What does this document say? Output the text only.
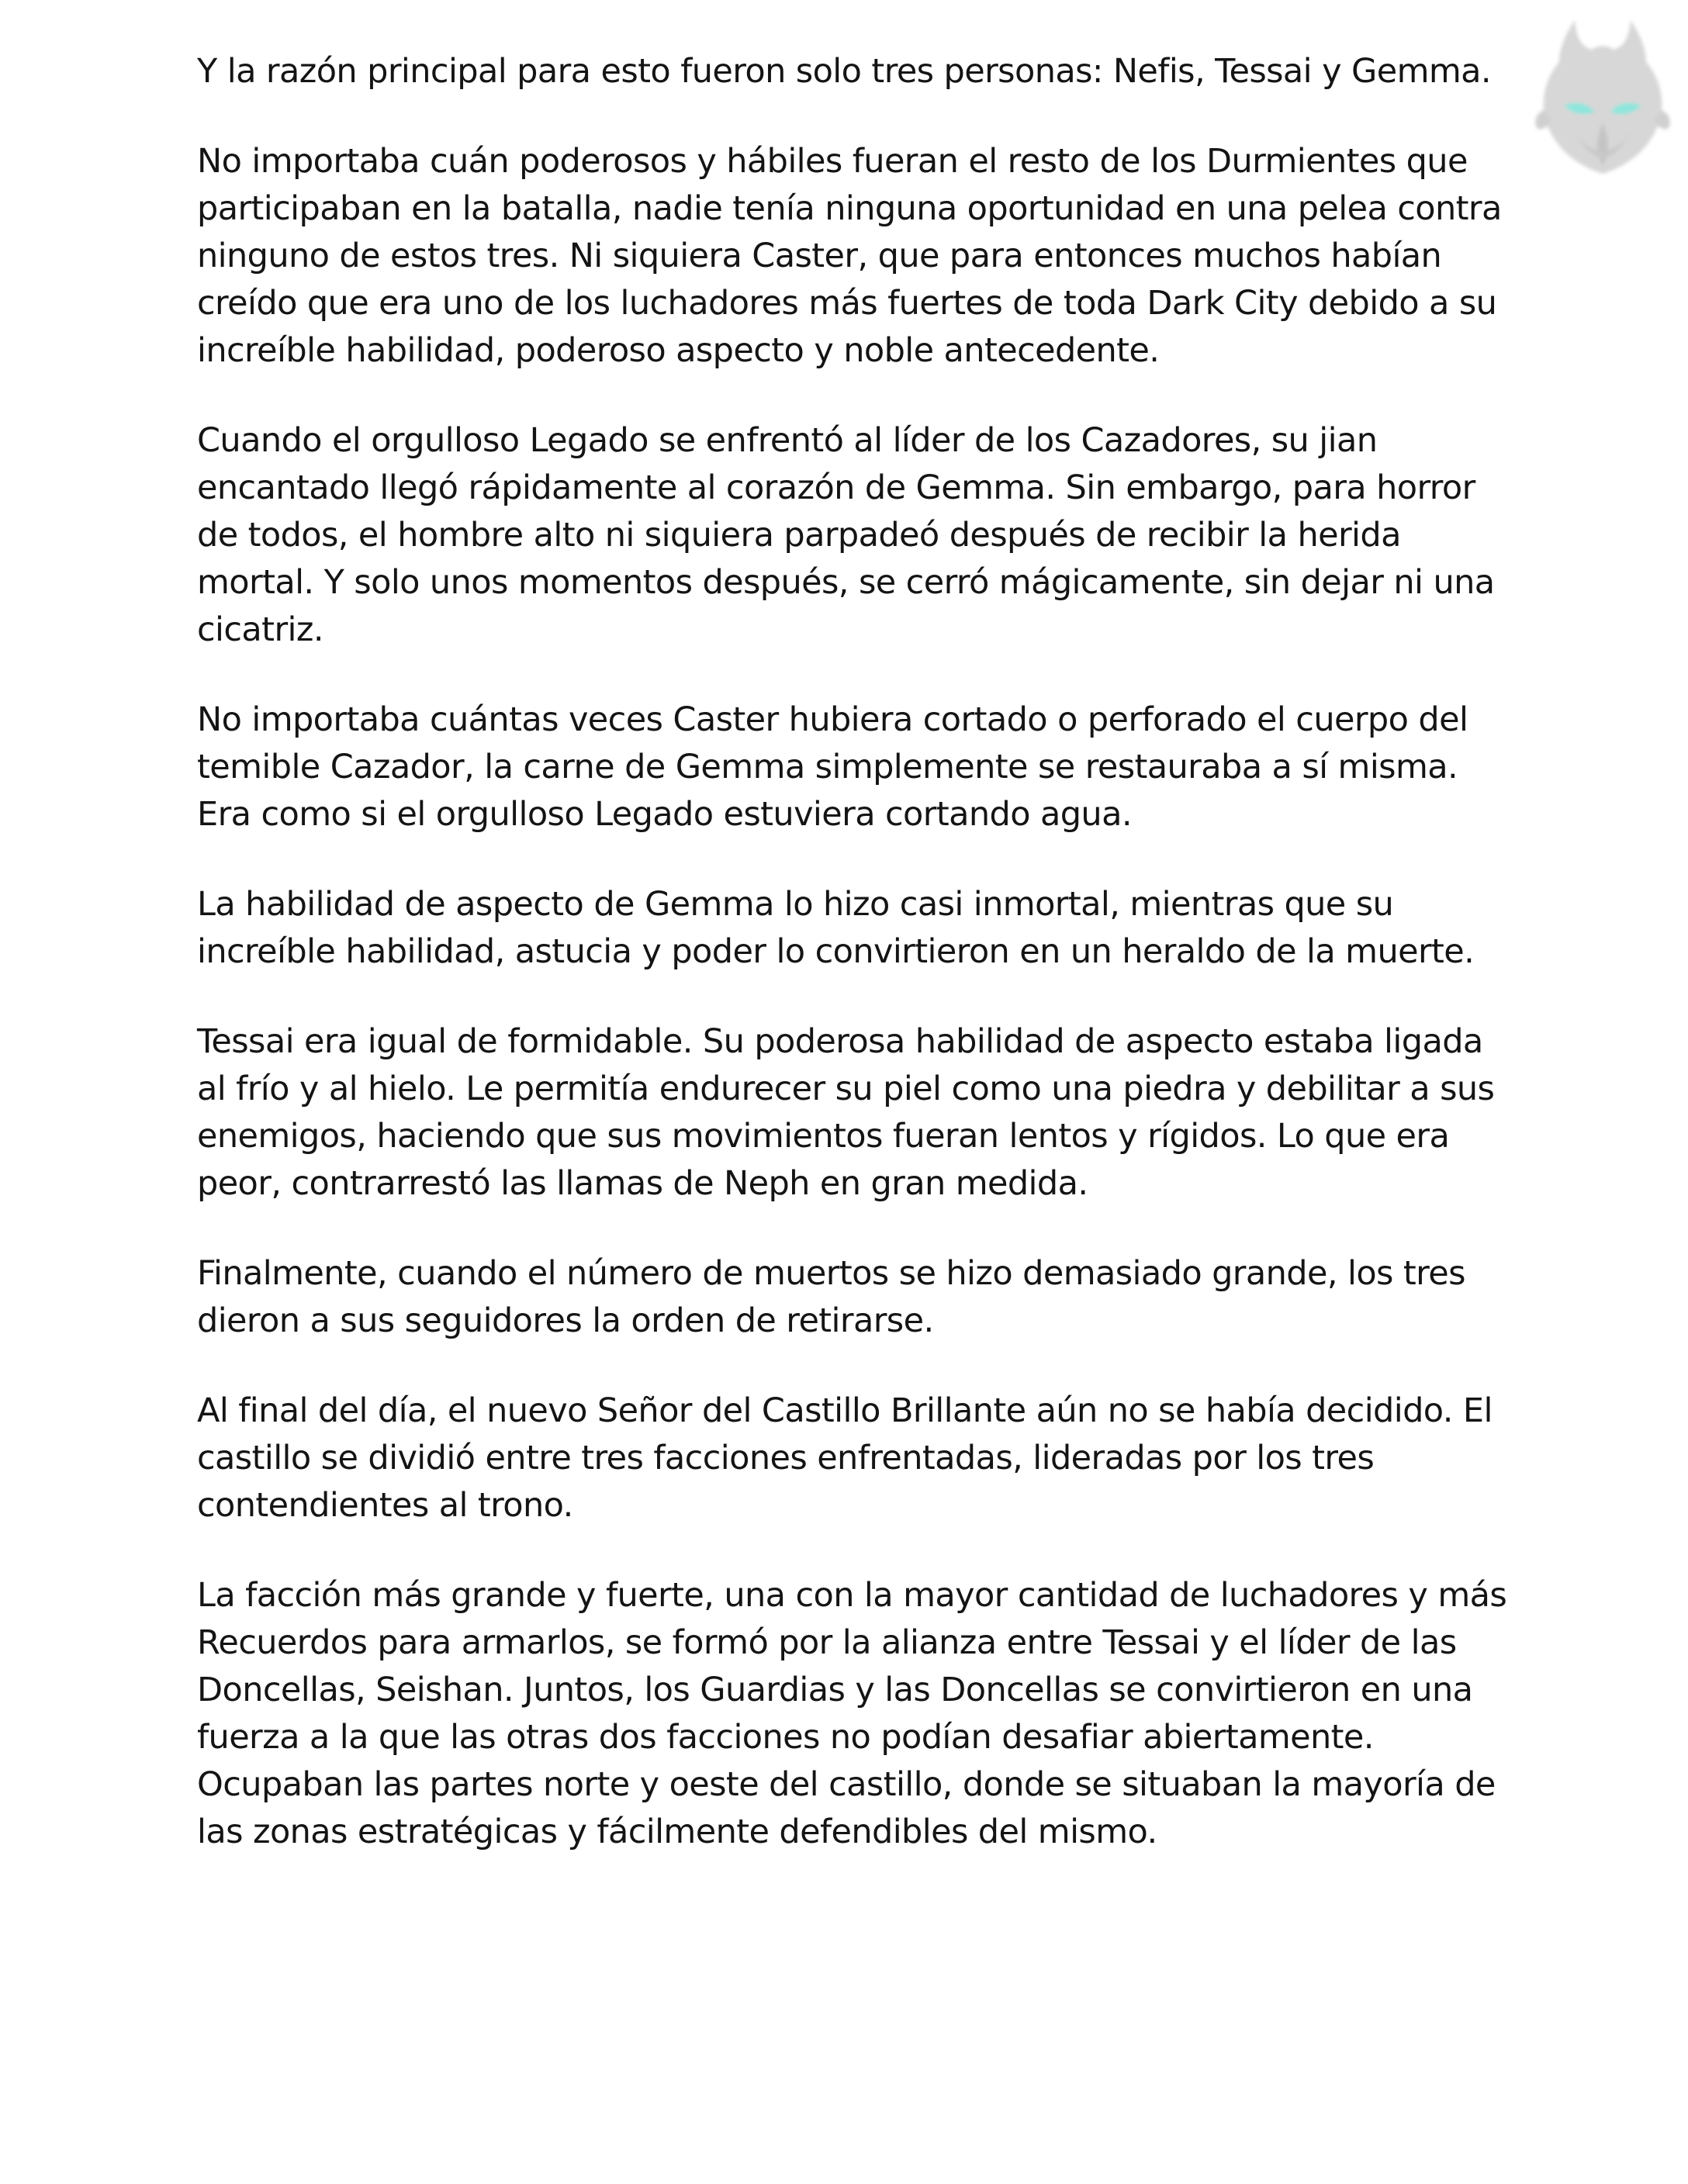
Y la razón principal para esto fueron solo tres personas: Nefis, Tessai y Gemma.

No importaba cuán poderosos y hábiles fueran el resto de los Durmientes que participaban en la batalla, nadie tenía ninguna oportunidad en una pelea contra ninguno de estos tres. Ni siquiera Caster, que para entonces muchos habían creído que era uno de los luchadores más fuertes de toda Dark City debido a su increíble habilidad, poderoso aspecto y noble antecedente.

Cuando el orgulloso Legado se enfrentó al líder de los Cazadores, su jian encantado llegó rápidamente al corazón de Gemma. Sin embargo, para horror de todos, el hombre alto ni siquiera parpadeó después de recibir la herida mortal. Y solo unos momentos después, se cerró mágicamente, sin dejar ni una cicatriz.

No importaba cuántas veces Caster hubiera cortado o perforado el cuerpo del temible Cazador, la carne de Gemma simplemente se restauraba a sí misma. Era como si el orgulloso Legado estuviera cortando agua.

La habilidad de aspecto de Gemma lo hizo casi inmortal, mientras que su increíble habilidad, astucia y poder lo convirtieron en un heraldo de la muerte.

Tessai era igual de formidable. Su poderosa habilidad de aspecto estaba ligada al frío y al hielo. Le permitía endurecer su piel como una piedra y debilitar a sus enemigos, haciendo que sus movimientos fueran lentos y rígidos. Lo que era peor, contrarrestó las llamas de Neph en gran medida.

Finalmente, cuando el número de muertos se hizo demasiado grande, los tres dieron a sus seguidores la orden de retirarse.

Al final del día, el nuevo Señor del Castillo Brillante aún no se había decidido. El castillo se dividió entre tres facciones enfrentadas, lideradas por los tres contendientes al trono.

La facción más grande y fuerte, una con la mayor cantidad de luchadores y más Recuerdos para armarlos, se formó por la alianza entre Tessai y el líder de las Doncellas, Seishan. Juntos, los Guardias y las Doncellas se convirtieron en una fuerza a la que las otras dos facciones no podían desafiar abiertamente. Ocupaban las partes norte y oeste del castillo, donde se situaban la mayoría de las zonas estratégicas y fácilmente defendibles del mismo.
